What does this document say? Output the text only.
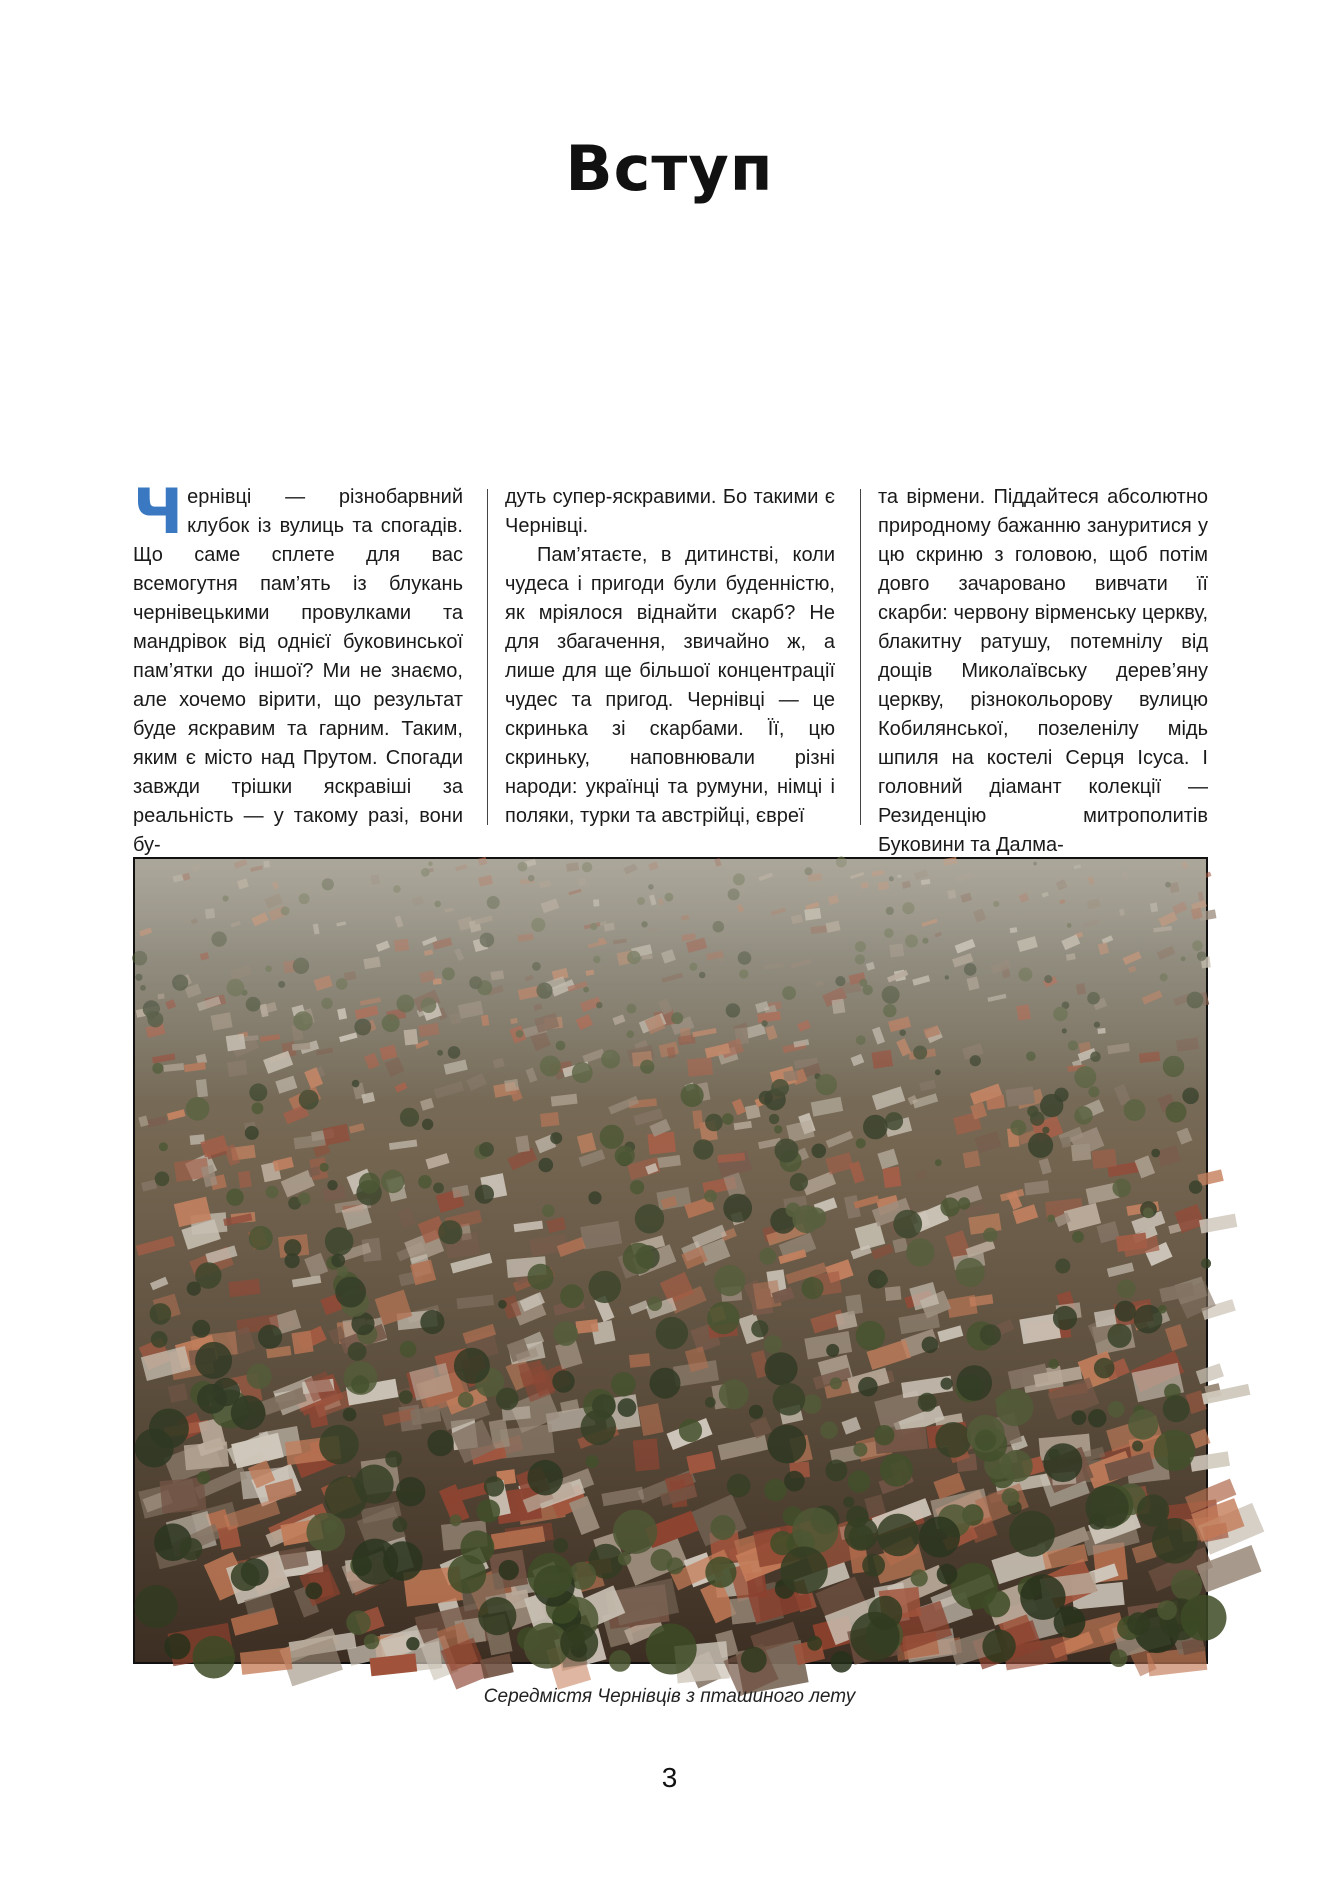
Вступ
Ч ернівці — різнобарвний клубок із вулиць та спогадів. Що саме сплете для вас всемогутня пам’ять із блукань чернівецькими провулками та мандрівок від однієї буковинської пам’ятки до іншої? Ми не знаємо, але хочемо вірити, що результат буде яскравим та гарним. Таким, яким є місто над Прутом. Спогади завжди трішки яскравіші за реальність — у такому разі, вони бу-

дуть супер-яскравими. Бо такими є Чернівці.

Пам’ятаєте, в дитинстві, коли чудеса і пригоди були буденністю, як мріялося віднайти скарб? Не для збагачення, звичайно ж, а лише для ще більшої концентрації чудес та пригод. Чернівці — це скринька зі скарбами. Її, цю скриньку, наповнювали різні народи: українці та румуни, німці і поляки, турки та австрійці, євреї

та вірмени. Піддайтеся абсолютно природному бажанню зануритися у цю скриню з головою, щоб потім довго зачаровано вивчати її скарби: червону вірменську церкву, блакитну ратушу, потемнілу від дощів Миколаївську дерев’яну церкву, різнокольорову вулицю Кобилянської, позеленілу мідь шпиля на костелі Серця Ісуса. І головний діамант колекції — Резиденцію митрополитів Буковини та Далма-

Середмістя Чернівців з пташиного лету
3
